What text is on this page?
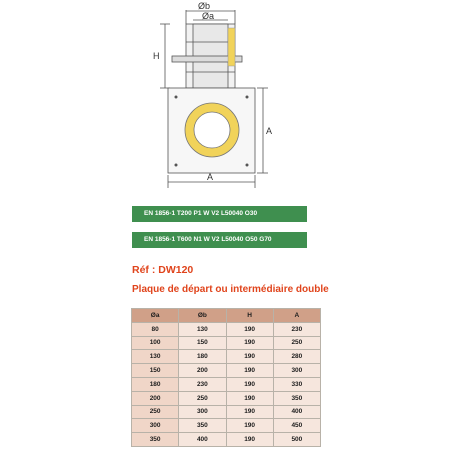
Øb
Øa
H
A
A
EN 1856-1 T200 P1 W V2 L50040 O30
EN 1856-1 T600 N1 W V2 L50040 O50 G70
Réf : DW120
Plaque de départ ou intermédiaire double
Øa	Øb	H	A
80	130	190	230
100	150	190	250
130	180	190	280
150	200	190	300
180	230	190	330
200	250	190	350
250	300	190	400
300	350	190	450
350	400	190	500
